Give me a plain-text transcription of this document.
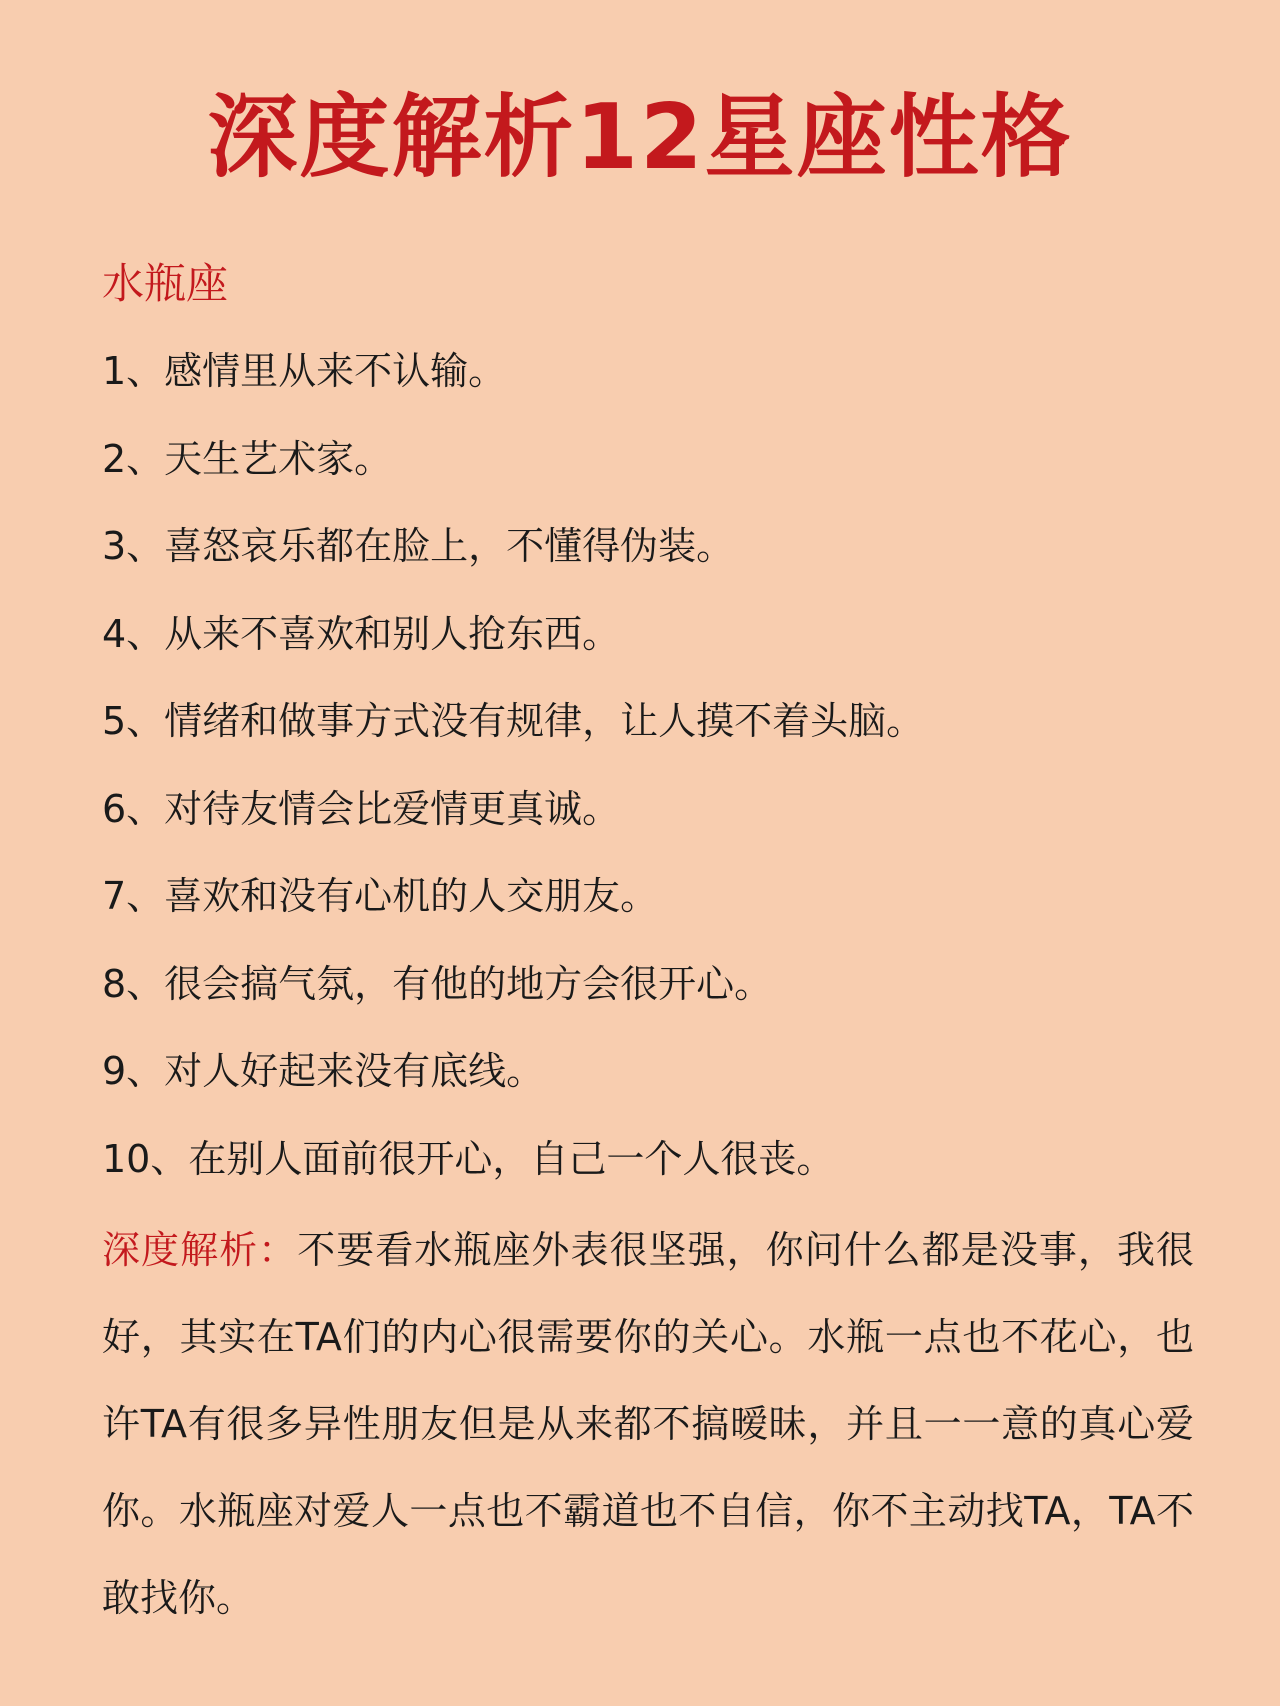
深度解析12星座性格
水瓶座
1、感情里从来不认输。
2、天生艺术家。
3、喜怒哀乐都在脸上，不懂得伪装。
4、从来不喜欢和别人抢东西。
5、情绪和做事方式没有规律，让人摸不着头脑。
6、对待友情会比爱情更真诚。
7、喜欢和没有心机的人交朋友。
8、很会搞气氛，有他的地方会很开心。
9、对人好起来没有底线。
10、在别人面前很开心，自己一个人很丧。

深度解析：不要看水瓶座外表很坚强，你问什么都是没事，我很好，其实在TA们的内心很需要你的关心。水瓶一点也不花心，也许TA有很多异性朋友但是从来都不搞暧昧，并且一一意的真心爱你。水瓶座对爱人一点也不霸道也不自信，你不主动找TA，TA不敢找你。
